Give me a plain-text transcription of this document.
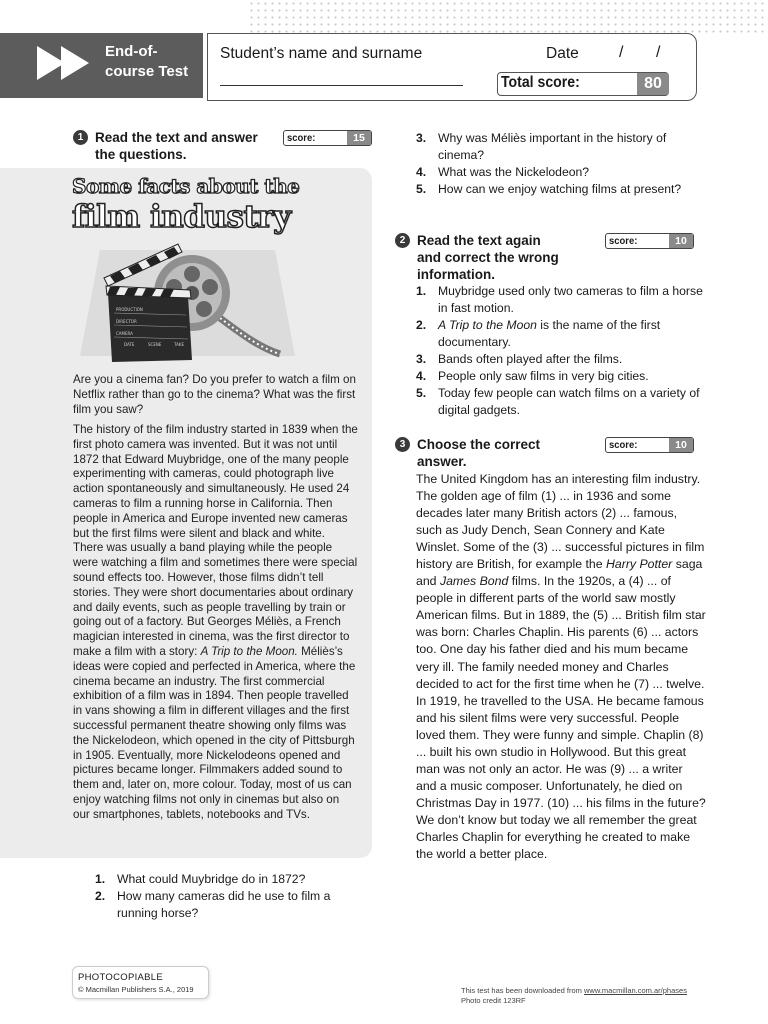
End-of-
course Test
Student’s name and surname	Date	/ /
Total score:	80
1 Read the text and answer
the questions.
score:	15
Some facts about the
film industry
PRODUCTION
DIRECTOR
CAMERA
DATE	SCENE	TAKE
Are you a cinema fan? Do you prefer to watch a film on Netflix rather than go to the cinema? What was the first film you saw?
The history of the film industry started in 1839 when the first photo camera was invented. But it was not until 1872 that Edward Muybridge, one of the many people experimenting with cameras, could photograph live action spontaneously and simultaneously. He used 24 cameras to film a running horse in California. Then people in America and Europe invented new cameras but the first films were silent and black and white. There was usually a band playing while the people were watching a film and sometimes there were special sound effects too. However, those films didn’t tell stories. They were short documentaries about ordinary and daily events, such as people travelling by train or going out of a factory. But Georges Méliès, a French magician interested in cinema, was the first director to make a film with a story: A Trip to the Moon. Méliès’s ideas were copied and perfected in America, where the cinema became an industry. The first commercial exhibition of a film was in 1894. Then people travelled in vans showing a film in different villages and the first successful permanent theatre showing only films was the Nickelodeon, which opened in the city of Pittsburgh in 1905. Eventually, more Nickelodeons opened and pictures became longer. Filmmakers added sound to them and, later on, more colour. Today, most of us can enjoy watching films not only in cinemas but also on our smartphones, tablets, notebooks and TVs.
1. What could Muybridge do in 1872?
2. How many cameras did he use to film a running horse?
3. Why was Méliès important in the history of cinema?
4. What was the Nickelodeon?
5. How can we enjoy watching films at present?
2 Read the text again
and correct the wrong
information.
score:	10
1. Muybridge used only two cameras to film a horse in fast motion.
2. A Trip to the Moon is the name of the first documentary.
3. Bands often played after the films.
4. People only saw films in very big cities.
5. Today few people can watch films on a variety of digital gadgets.
3 Choose the correct
answer.
score:	10
The United Kingdom has an interesting film industry. The golden age of film (1) ... in 1936 and some decades later many British actors (2) ... famous, such as Judy Dench, Sean Connery and Kate Winslet. Some of the (3) ... successful pictures in film history are British, for example the Harry Potter saga and James Bond films. In the 1920s, a (4) ... of people in different parts of the world saw mostly American films. But in 1889, the (5) ... British film star was born: Charles Chaplin. His parents (6) ... actors too. One day his father died and his mum became very ill. The family needed money and Charles decided to act for the first time when he (7) ... twelve. In 1919, he travelled to the USA. He became famous and his silent films were very successful. People loved them. They were funny and simple. Chaplin (8) ... built his own studio in Hollywood. But this great man was not only an actor. He was (9) ... a writer and a music composer. Unfortunately, he died on Christmas Day in 1977. (10) ... his films in the future? We don’t know but today we all remember the great Charles Chaplin for everything he created to make the world a better place.
PHOTOCOPIABLE
© Macmillan Publishers S.A., 2019	This test has been downloaded from www.macmillan.com.ar/phases
Photo credit 123RF
